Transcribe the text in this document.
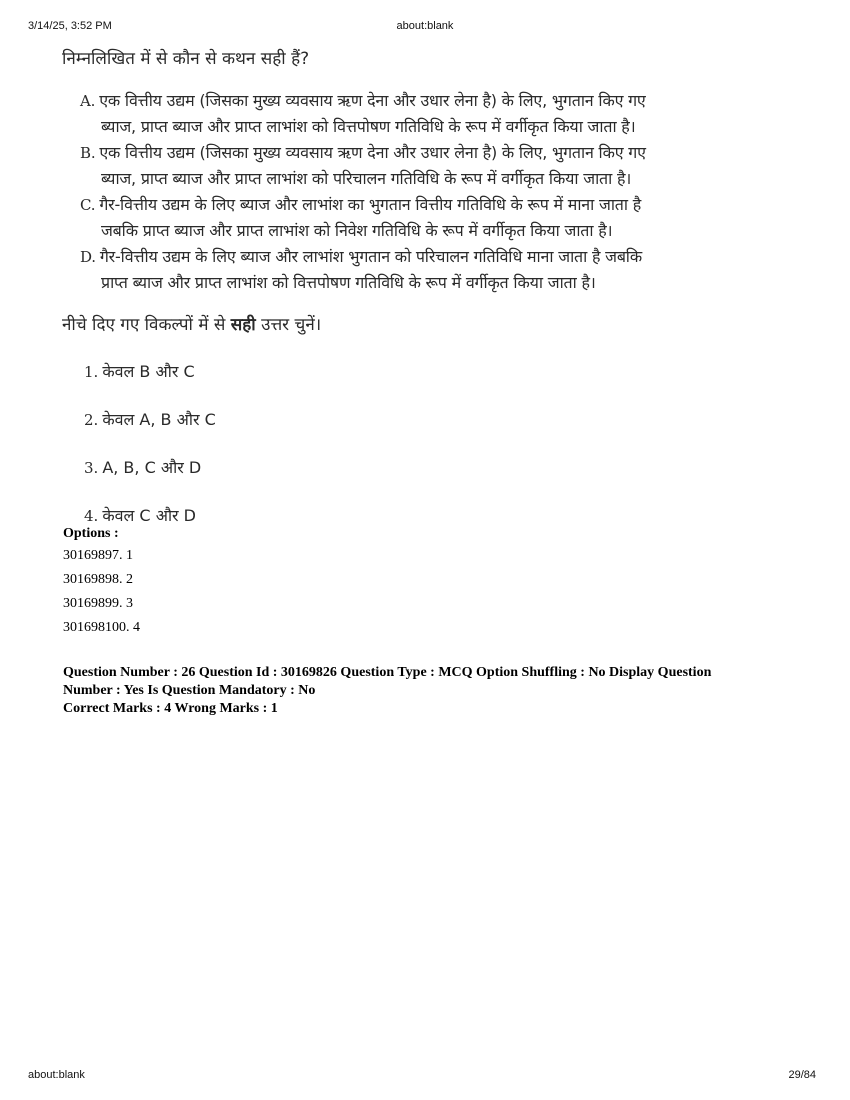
3/14/25, 3:52 PM	about:blank
निम्नलिखित में से कौन से कथन सही हैं?
A. एक वित्तीय उद्यम (जिसका मुख्य व्यवसाय ऋण देना और उधार लेना है) के लिए, भुगतान किए गए
ब्याज, प्राप्त ब्याज और प्राप्त लाभांश को वित्तपोषण गतिविधि के रूप में वर्गीकृत किया जाता है।
B. एक वित्तीय उद्यम (जिसका मुख्य व्यवसाय ऋण देना और उधार लेना है) के लिए, भुगतान किए गए
ब्याज, प्राप्त ब्याज और प्राप्त लाभांश को परिचालन गतिविधि के रूप में वर्गीकृत किया जाता है।
C. गैर-वित्तीय उद्यम के लिए ब्याज और लाभांश का भुगतान वित्तीय गतिविधि के रूप में माना जाता है
जबकि प्राप्त ब्याज और प्राप्त लाभांश को निवेश गतिविधि के रूप में वर्गीकृत किया जाता है।
D. गैर-वित्तीय उद्यम के लिए ब्याज और लाभांश भुगतान को परिचालन गतिविधि माना जाता है जबकि
प्राप्त ब्याज और प्राप्त लाभांश को वित्तपोषण गतिविधि के रूप में वर्गीकृत किया जाता है।
नीचे दिए गए विकल्पों में से सही उत्तर चुनें।
1. केवल B और C
2. केवल A, B और C
3. A, B, C और D
4. केवल C और D
Options :
30169897. 1
30169898. 2
30169899. 3
301698100. 4
Question Number : 26 Question Id : 30169826 Question Type : MCQ Option Shuffling : No Display Question
Number : Yes Is Question Mandatory : No
Correct Marks : 4 Wrong Marks : 1
about:blank	29/84
